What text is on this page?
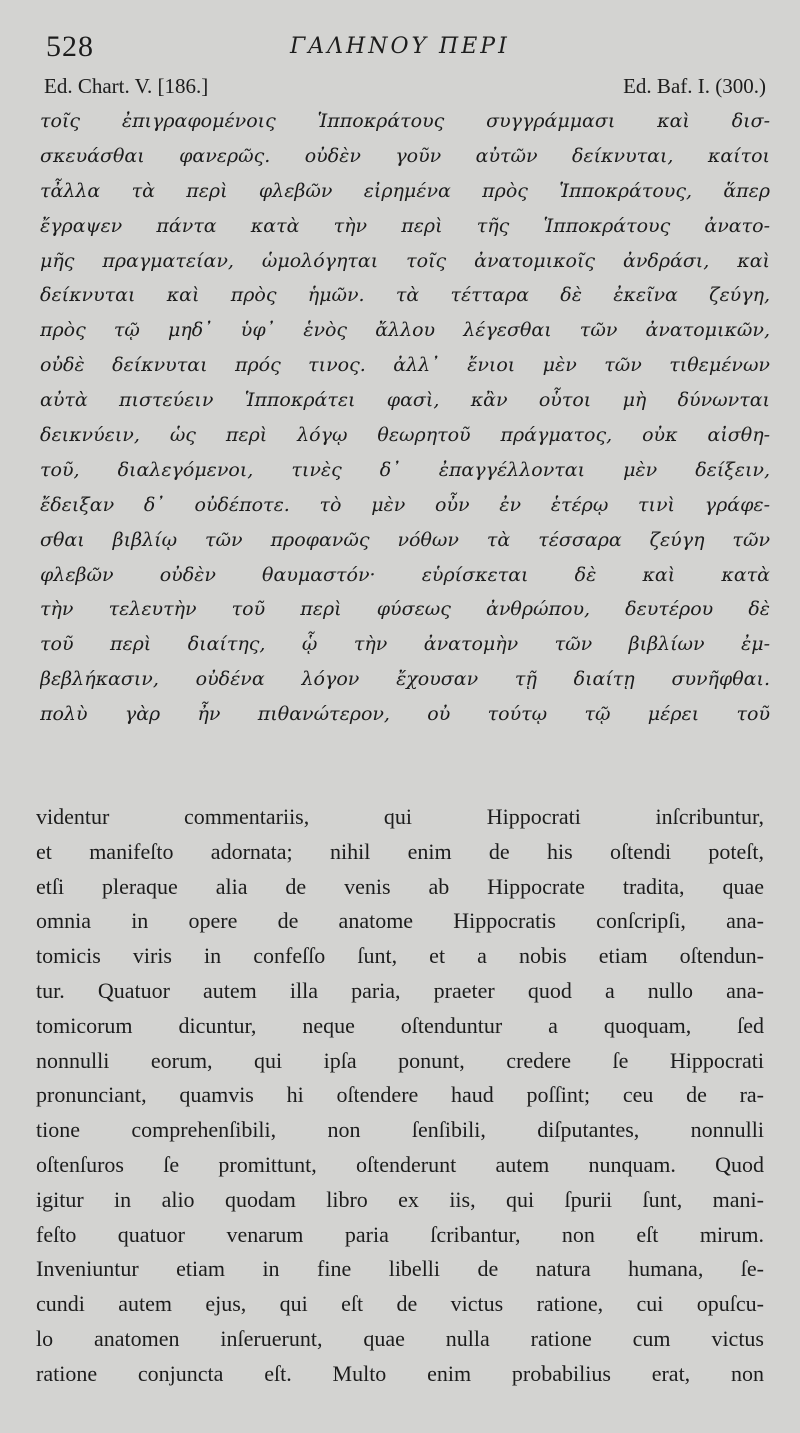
528	ΓΑΛΗΝΟΥ ΠΕΡΙ
Ed. Chart. V. [186.]	Ed. Baf. I. (300.)
τοῖς ἐπιγραφομένοις Ἱπποκράτους συγγράμμασι καὶ δισ-
σκευάσθαι φανερῶς. οὐδὲν γοῦν αὐτῶν δείκνυται, καίτοι
τἆλλα τὰ περὶ φλεβῶν εἰρημένα πρὸς Ἱπποκράτους, ἅπερ
ἔγραψεν πάντα κατὰ τὴν περὶ τῆς Ἱπποκράτους ἀνατο-
μῆς πραγματείαν, ὡμολόγηται τοῖς ἀνατομικοῖς ἀνδράσι, καὶ
δείκνυται καὶ πρὸς ἡμῶν. τὰ τέτταρα δὲ ἐκεῖνα ζεύγη,
πρὸς τῷ μηδ᾿ ὑφ᾿ ἑνὸς ἄλλου λέγεσθαι τῶν ἀνατομικῶν,
οὐδὲ δείκνυται πρός τινος. ἀλλ᾿ ἔνιοι μὲν τῶν τιθεμένων
αὐτὰ πιστεύειν Ἱπποκράτει φασὶ, κἂν οὗτοι μὴ δύνωνται
δεικνύειν, ὡς περὶ λόγῳ θεωρητοῦ πράγματος, οὐκ αἰσθη-
τοῦ, διαλεγόμενοι, τινὲς δ᾿ ἐπαγγέλλονται μὲν δείξειν,
ἔδειξαν δ᾿ οὐδέποτε. τὸ μὲν οὖν ἐν ἑτέρῳ τινὶ γράφε-
σθαι βιβλίῳ τῶν προφανῶς νόθων τὰ τέσσαρα ζεύγη τῶν
φλεβῶν οὐδὲν θαυμαστόν· εὑρίσκεται δὲ καὶ κατὰ
τὴν τελευτὴν τοῦ περὶ φύσεως ἀνθρώπου, δευτέρου δὲ
τοῦ περὶ διαίτης, ᾧ τὴν ἀνατομὴν τῶν βιβλίων ἐμ-
βεβλήκασιν, οὐδένα λόγον ἔχουσαν τῇ διαίτῃ συνῆφθαι.
πολὺ γὰρ ἦν πιθανώτερον, οὐ τούτῳ τῷ μέρει τοῦ
videntur commentariis, qui Hippocrati inſcribuntur,
et manifeſto adornata; nihil enim de his oſtendi poteſt,
etſi pleraque alia de venis ab Hippocrate tradita, quae
omnia in opere de anatome Hippocratis conſcripſi, ana-
tomicis viris in confeſſo ſunt, et a nobis etiam oſtendun-
tur. Quatuor autem illa paria, praeter quod a nullo ana-
tomicorum dicuntur, neque oſtenduntur a quoquam, ſed
nonnulli eorum, qui ipſa ponunt, credere ſe Hippocrati
pronunciant, quamvis hi oſtendere haud poſſint; ceu de ra-
tione comprehenſibili, non ſenſibili, diſputantes, nonnulli
oſtenſuros ſe promittunt, oſtenderunt autem nunquam. Quod
igitur in alio quodam libro ex iis, qui ſpurii ſunt, mani-
feſto quatuor venarum paria ſcribantur, non eſt mirum.
Inveniuntur etiam in fine libelli de natura humana, ſe-
cundi autem ejus, qui eſt de victus ratione, cui opuſcu-
lo anatomen inſeruerunt, quae nulla ratione cum victus
ratione conjuncta eſt. Multo enim probabilius erat, non
